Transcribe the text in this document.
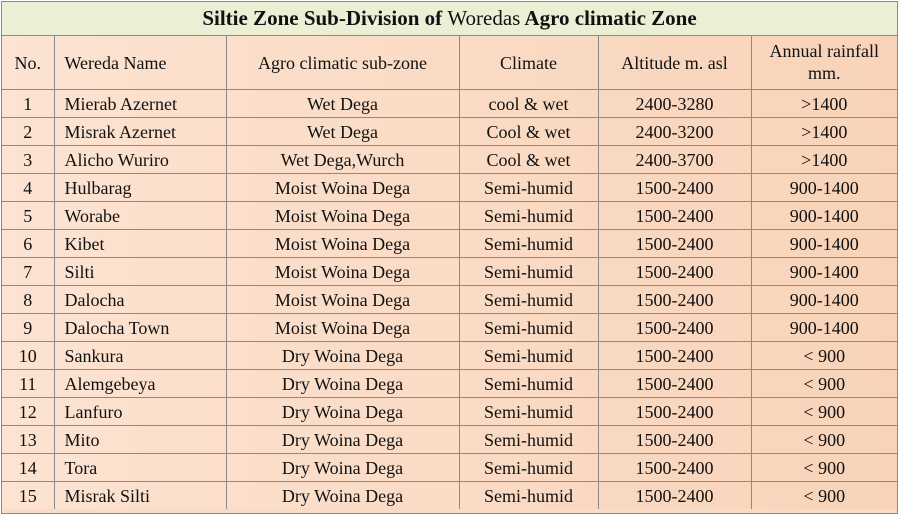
Siltie Zone Sub-Division of Woredas Agro climatic Zone
No.	Wereda Name	Agro climatic sub-zone	Climate	Altitude m. asl	Annual rainfall mm.
1	Mierab Azernet	Wet Dega	cool & wet	2400-3280	>1400
2	Misrak Azernet	Wet Dega	Cool & wet	2400-3200	>1400
3	Alicho Wuriro	Wet Dega,Wurch	Cool & wet	2400-3700	>1400
4	Hulbarag	Moist Woina Dega	Semi-humid	1500-2400	900-1400
5	Worabe	Moist Woina Dega	Semi-humid	1500-2400	900-1400
6	Kibet	Moist Woina Dega	Semi-humid	1500-2400	900-1400
7	Silti	Moist Woina Dega	Semi-humid	1500-2400	900-1400
8	Dalocha	Moist Woina Dega	Semi-humid	1500-2400	900-1400
9	Dalocha Town	Moist Woina Dega	Semi-humid	1500-2400	900-1400
10	Sankura	Dry Woina Dega	Semi-humid	1500-2400	< 900
11	Alemgebeya	Dry Woina Dega	Semi-humid	1500-2400	< 900
12	Lanfuro	Dry Woina Dega	Semi-humid	1500-2400	< 900
13	Mito	Dry Woina Dega	Semi-humid	1500-2400	< 900
14	Tora	Dry Woina Dega	Semi-humid	1500-2400	< 900
15	Misrak Silti	Dry Woina Dega	Semi-humid	1500-2400	< 900
